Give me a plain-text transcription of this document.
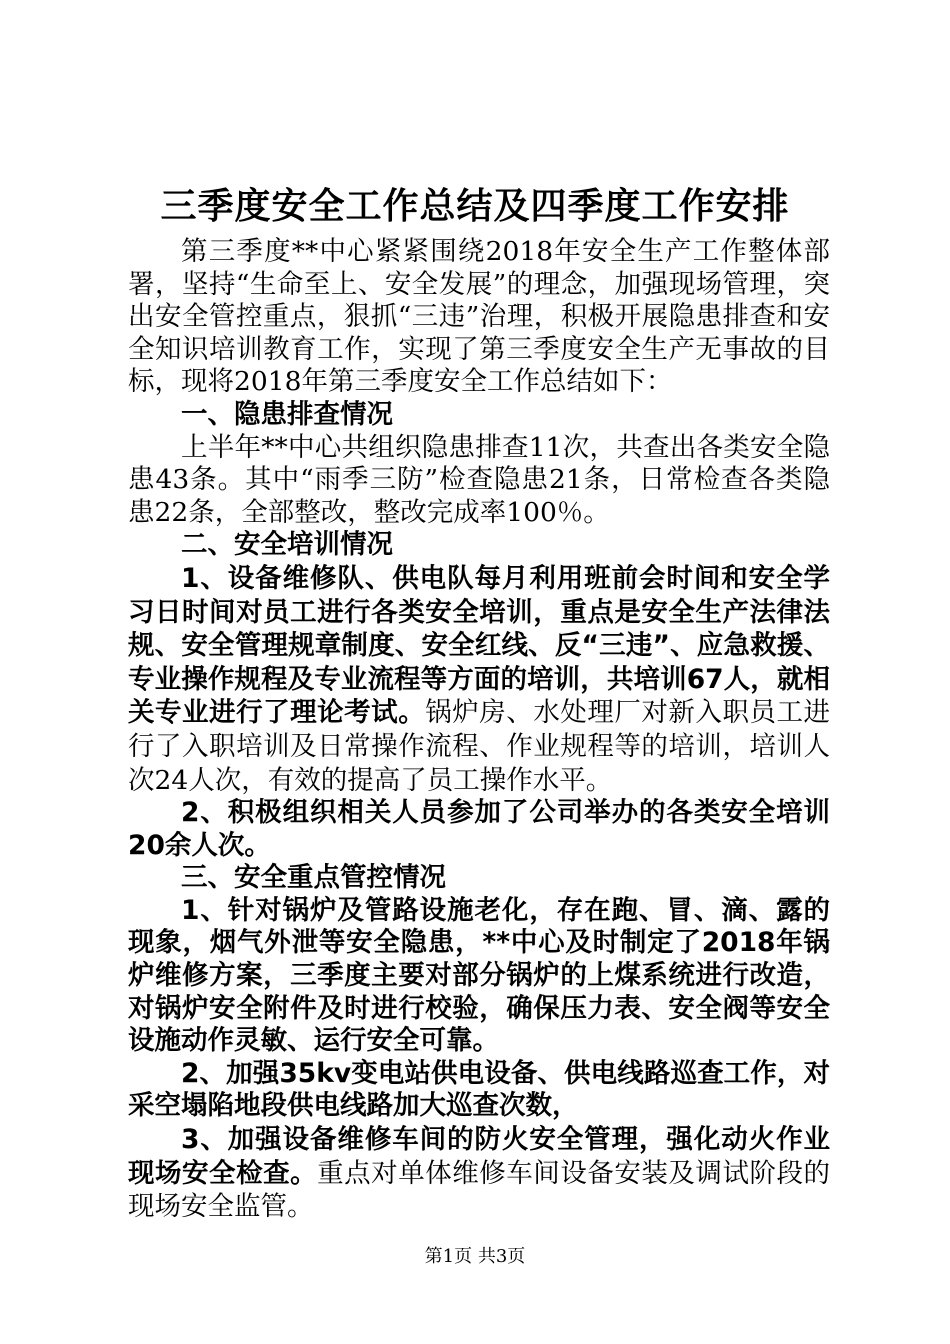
三季度安全工作总结及四季度工作安排

第三季度**中心紧紧围绕2018年安全生产工作整体部署，坚持“生命至上、安全发展”的理念，加强现场管理，突出安全管控重点，狠抓“三违”治理，积极开展隐患排查和安全知识培训教育工作，实现了第三季度安全生产无事故的目标，现将2018年第三季度安全工作总结如下：

一、隐患排查情况

上半年**中心共组织隐患排查11次，共查出各类安全隐患43条。其中“雨季三防”检查隐患21条，日常检查各类隐患22条，全部整改，整改完成率100％。

二、安全培训情况

1、设备维修队、供电队每月利用班前会时间和安全学习日时间对员工进行各类安全培训，重点是安全生产法律法规、安全管理规章制度、安全红线、反“三违”、应急救援、专业操作规程及专业流程等方面的培训，共培训67人，就相关专业进行了理论考试。锅炉房、水处理厂对新入职员工进行了入职培训及日常操作流程、作业规程等的培训，培训人次24人次，有效的提高了员工操作水平。

2、积极组织相关人员参加了公司举办的各类安全培训20余人次。

三、安全重点管控情况

1、针对锅炉及管路设施老化，存在跑、冒、滴、露的现象，烟气外泄等安全隐患，**中心及时制定了2018年锅炉维修方案，三季度主要对部分锅炉的上煤系统进行改造，对锅炉安全附件及时进行校验，确保压力表、安全阀等安全设施动作灵敏、运行安全可靠。

2、加强35kv变电站供电设备、供电线路巡查工作，对采空塌陷地段供电线路加大巡查次数，

3、加强设备维修车间的防火安全管理，强化动火作业现场安全检查。重点对单体维修车间设备安装及调试阶段的现场安全监管。

第1页 共3页
